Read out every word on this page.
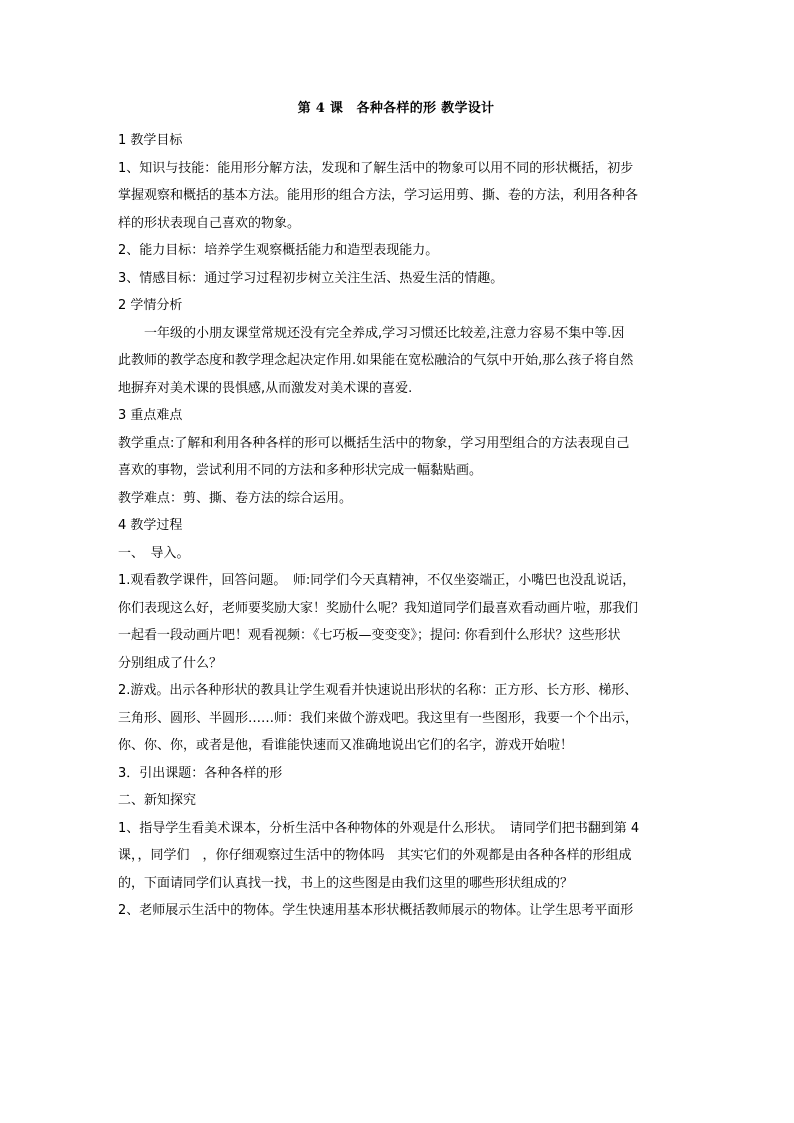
第 4 课　各种各样的形 教学设计

1 教学目标

1、知识与技能：能用形分解方法，发现和了解生活中的物象可以用不同的形状概括，初步

掌握观察和概括的基本方法。能用形的组合方法，学习运用剪、撕、卷的方法，利用各种各

样的形状表现自己喜欢的物象。

2、能力目标：培养学生观察概括能力和造型表现能力。

3、情感目标：通过学习过程初步树立关注生活、热爱生活的情趣。

2 学情分析

一年级的小朋友课堂常规还没有完全养成,学习习惯还比较差,注意力容易不集中等.因

此教师的教学态度和教学理念起决定作用.如果能在宽松融洽的气氛中开始,那么孩子将自然

地摒弃对美术课的畏惧感,从而激发对美术课的喜爱.

3 重点难点

教学重点:了解和利用各种各样的形可以概括生活中的物象，学习用型组合的方法表现自己

喜欢的事物，尝试利用不同的方法和多种形状完成一幅黏贴画。

教学难点：剪、撕、卷方法的综合运用。

4 教学过程

一、　导入。

1.观看教学课件，回答问题。　师:同学们今天真精神，不仅坐姿端正，小嘴巴也没乱说话，

你们表现这么好，老师要奖励大家！奖励什么呢？我知道同学们最喜欢看动画片啦，那我们

一起看一段动画片吧！观看视频：《七巧板—变变变》；提问: 你看到什么形状？这些形状

分别组成了什么？

2.游戏。出示各种形状的教具让学生观看并快速说出形状的名称：正方形、长方形、梯形、

三角形、圆形、半圆形……师：我们来做个游戏吧。我这里有一些图形，我要一个个出示，

你、你、你，或者是他，看谁能快速而又准确地说出它们的名字，游戏开始啦！

3．引出课题：各种各样的形

二、新知探究

1、指导学生看美术课本，分析生活中各种物体的外观是什么形状。　请同学们把书翻到第 4

课，，同学们　，你仔细观察过生活中的物体吗　其实它们的外观都是由各种各样的形组成

的，下面请同学们认真找一找，书上的这些图是由我们这里的哪些形状组成的？

2、老师展示生活中的物体。学生快速用基本形状概括教师展示的物体。让学生思考平面形
